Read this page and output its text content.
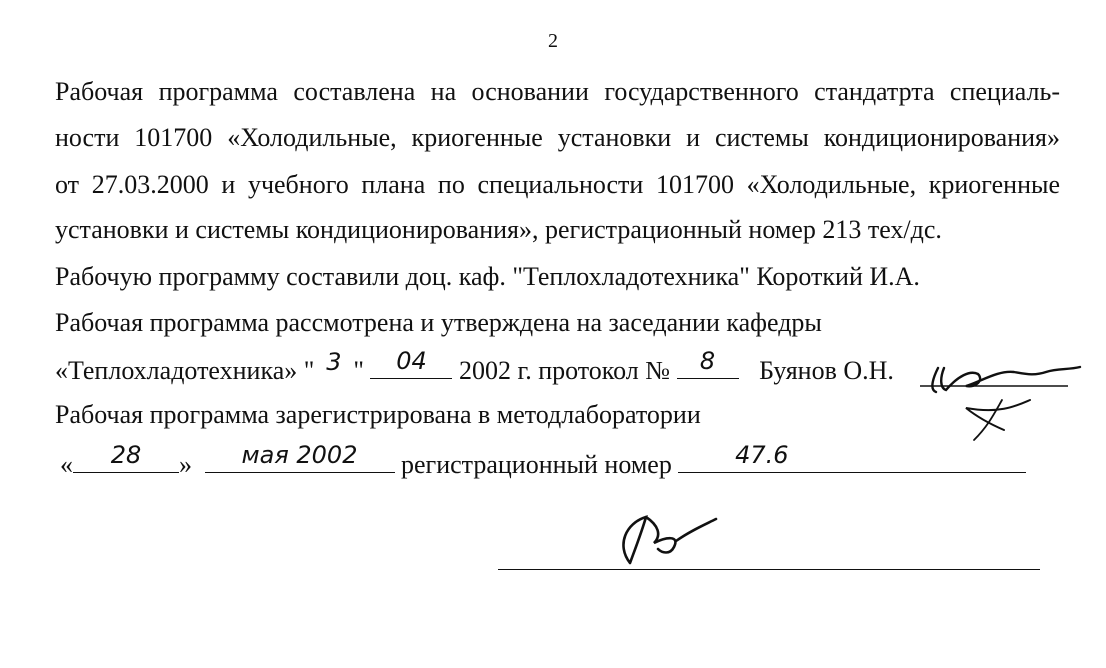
2
Рабочая программа составлена на основании государственного стандатрта специаль-
ности 101700 «Холодильные, криогенные установки и системы кондиционирования»
от 27.03.2000 и учебного плана по специальности 101700 «Холодильные, криогенные
установки и системы кондиционирования», регистрационный номер 213 тех/дс.
Рабочую программу составили доц. каф. "Теплохладотехника" Короткий И.А.
Рабочая программа рассмотрена и утверждена на заседании кафедры
«Теплохладотехника» " 3 " 04 2002 г. протокол № 8 Буянов О.Н.
Рабочая программа зарегистрирована в методлаборатории
« 28 » мая 2002 регистрационный номер	47.6
